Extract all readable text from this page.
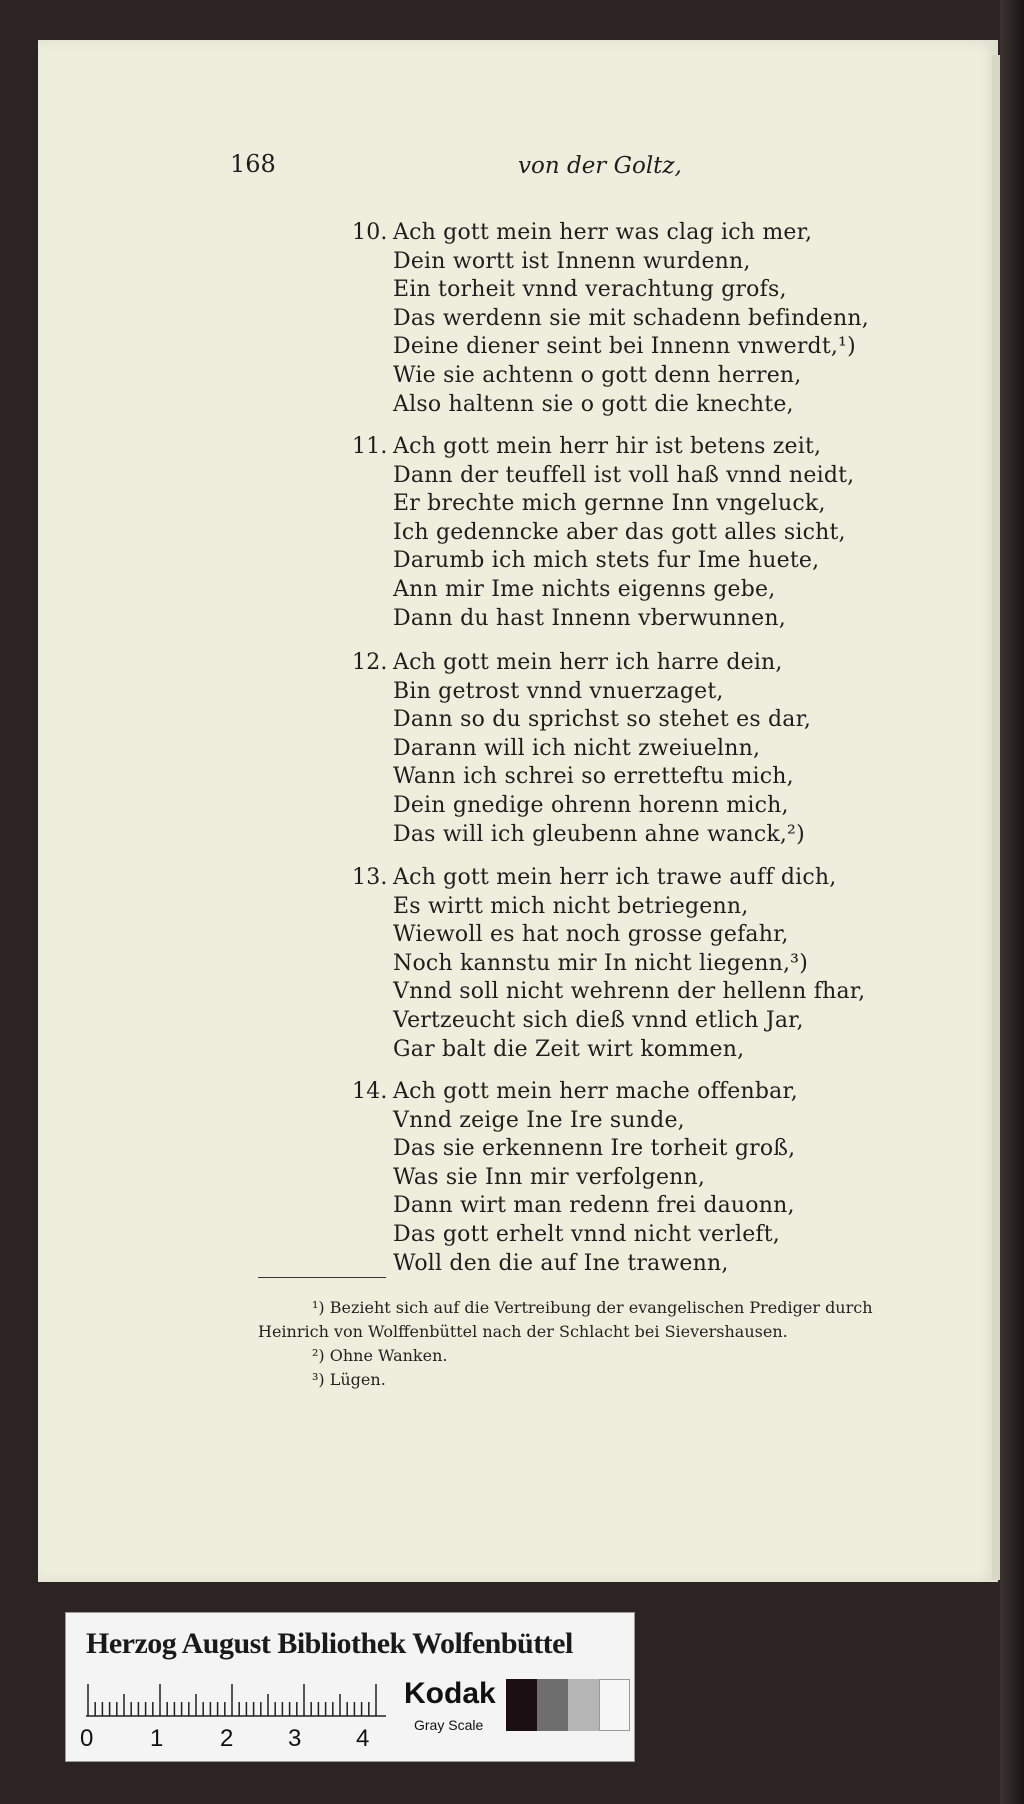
168	von der Goltz,
10. Ach gott mein herr was clag ich mer,
Dein wortt ist Innenn wurdenn,
Ein torheit vnnd verachtung grofs,
Das werdenn sie mit schadenn befindenn,
Deine diener seint bei Innenn vnwerdt,¹)
Wie sie achtenn o gott denn herren,
Also haltenn sie o gott die knechte,
11. Ach gott mein herr hir ist betens zeit,
Dann der teuffell ist voll haß vnnd neidt,
Er brechte mich gernne Inn vngeluck,
Ich gedenncke aber das gott alles sicht,
Darumb ich mich stets fur Ime huete,
Ann mir Ime nichts eigenns gebe,
Dann du hast Innenn vberwunnen,
12. Ach gott mein herr ich harre dein,
Bin getrost vnnd vnuerzaget,
Dann so du sprichst so stehet es dar,
Darann will ich nicht zweiuelnn,
Wann ich schrei so erretteftu mich,
Dein gnedige ohrenn horenn mich,
Das will ich gleubenn ahne wanck,²)
13. Ach gott mein herr ich trawe auff dich,
Es wirtt mich nicht betriegenn,
Wiewoll es hat noch grosse gefahr,
Noch kannstu mir In nicht liegenn,³)
Vnnd soll nicht wehrenn der hellenn fhar,
Vertzeucht sich dieß vnnd etlich Jar,
Gar balt die Zeit wirt kommen,
14. Ach gott mein herr mache offenbar,
Vnnd zeige Ine Ire sunde,
Das sie erkennenn Ire torheit groß,
Was sie Inn mir verfolgenn,
Dann wirt man redenn frei dauonn,
Das gott erhelt vnnd nicht verleft,
Woll den die auf Ine trawenn,
¹) Bezieht sich auf die Vertreibung der evangelischen Prediger durch
Heinrich von Wolffenbüttel nach der Schlacht bei Sievershausen.
²) Ohne Wanken.
³) Lügen.
Herzog August Bibliothek Wolfenbüttel
0 1 2 3 4
Kodak
Gray Scale
